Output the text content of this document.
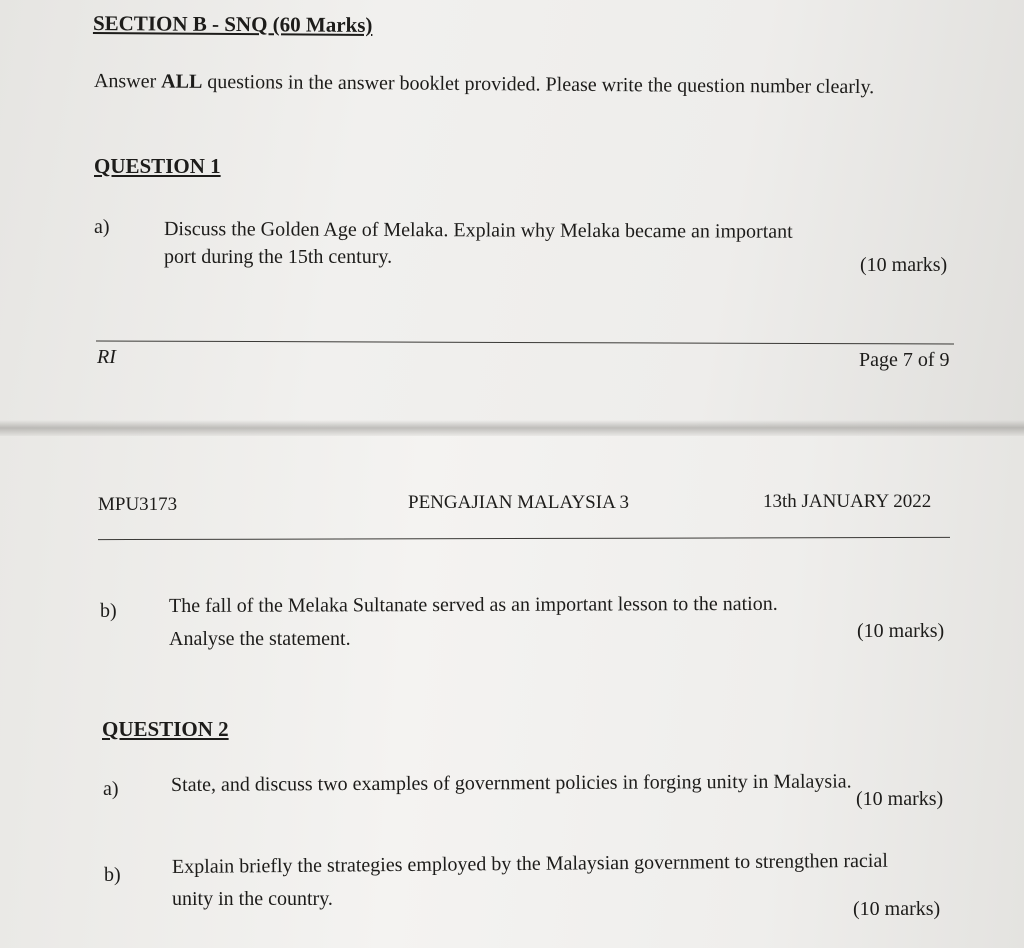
SECTION B - SNQ (60 Marks)
Answer ALL questions in the answer booklet provided. Please write the question number clearly.
QUESTION 1
a)	Discuss the Golden Age of Melaka. Explain why Melaka became an important
port during the 15th century.	(10 marks)
RI	Page 7 of 9
MPU3173	PENGAJIAN MALAYSIA 3	13th JANUARY 2022
b)	The fall of the Melaka Sultanate served as an important lesson to the nation.
Analyse the statement.	(10 marks)
QUESTION 2
a)	State, and discuss two examples of government policies in forging unity in Malaysia.
(10 marks)
b)	Explain briefly the strategies employed by the Malaysian government to strengthen racial
unity in the country.	(10 marks)
